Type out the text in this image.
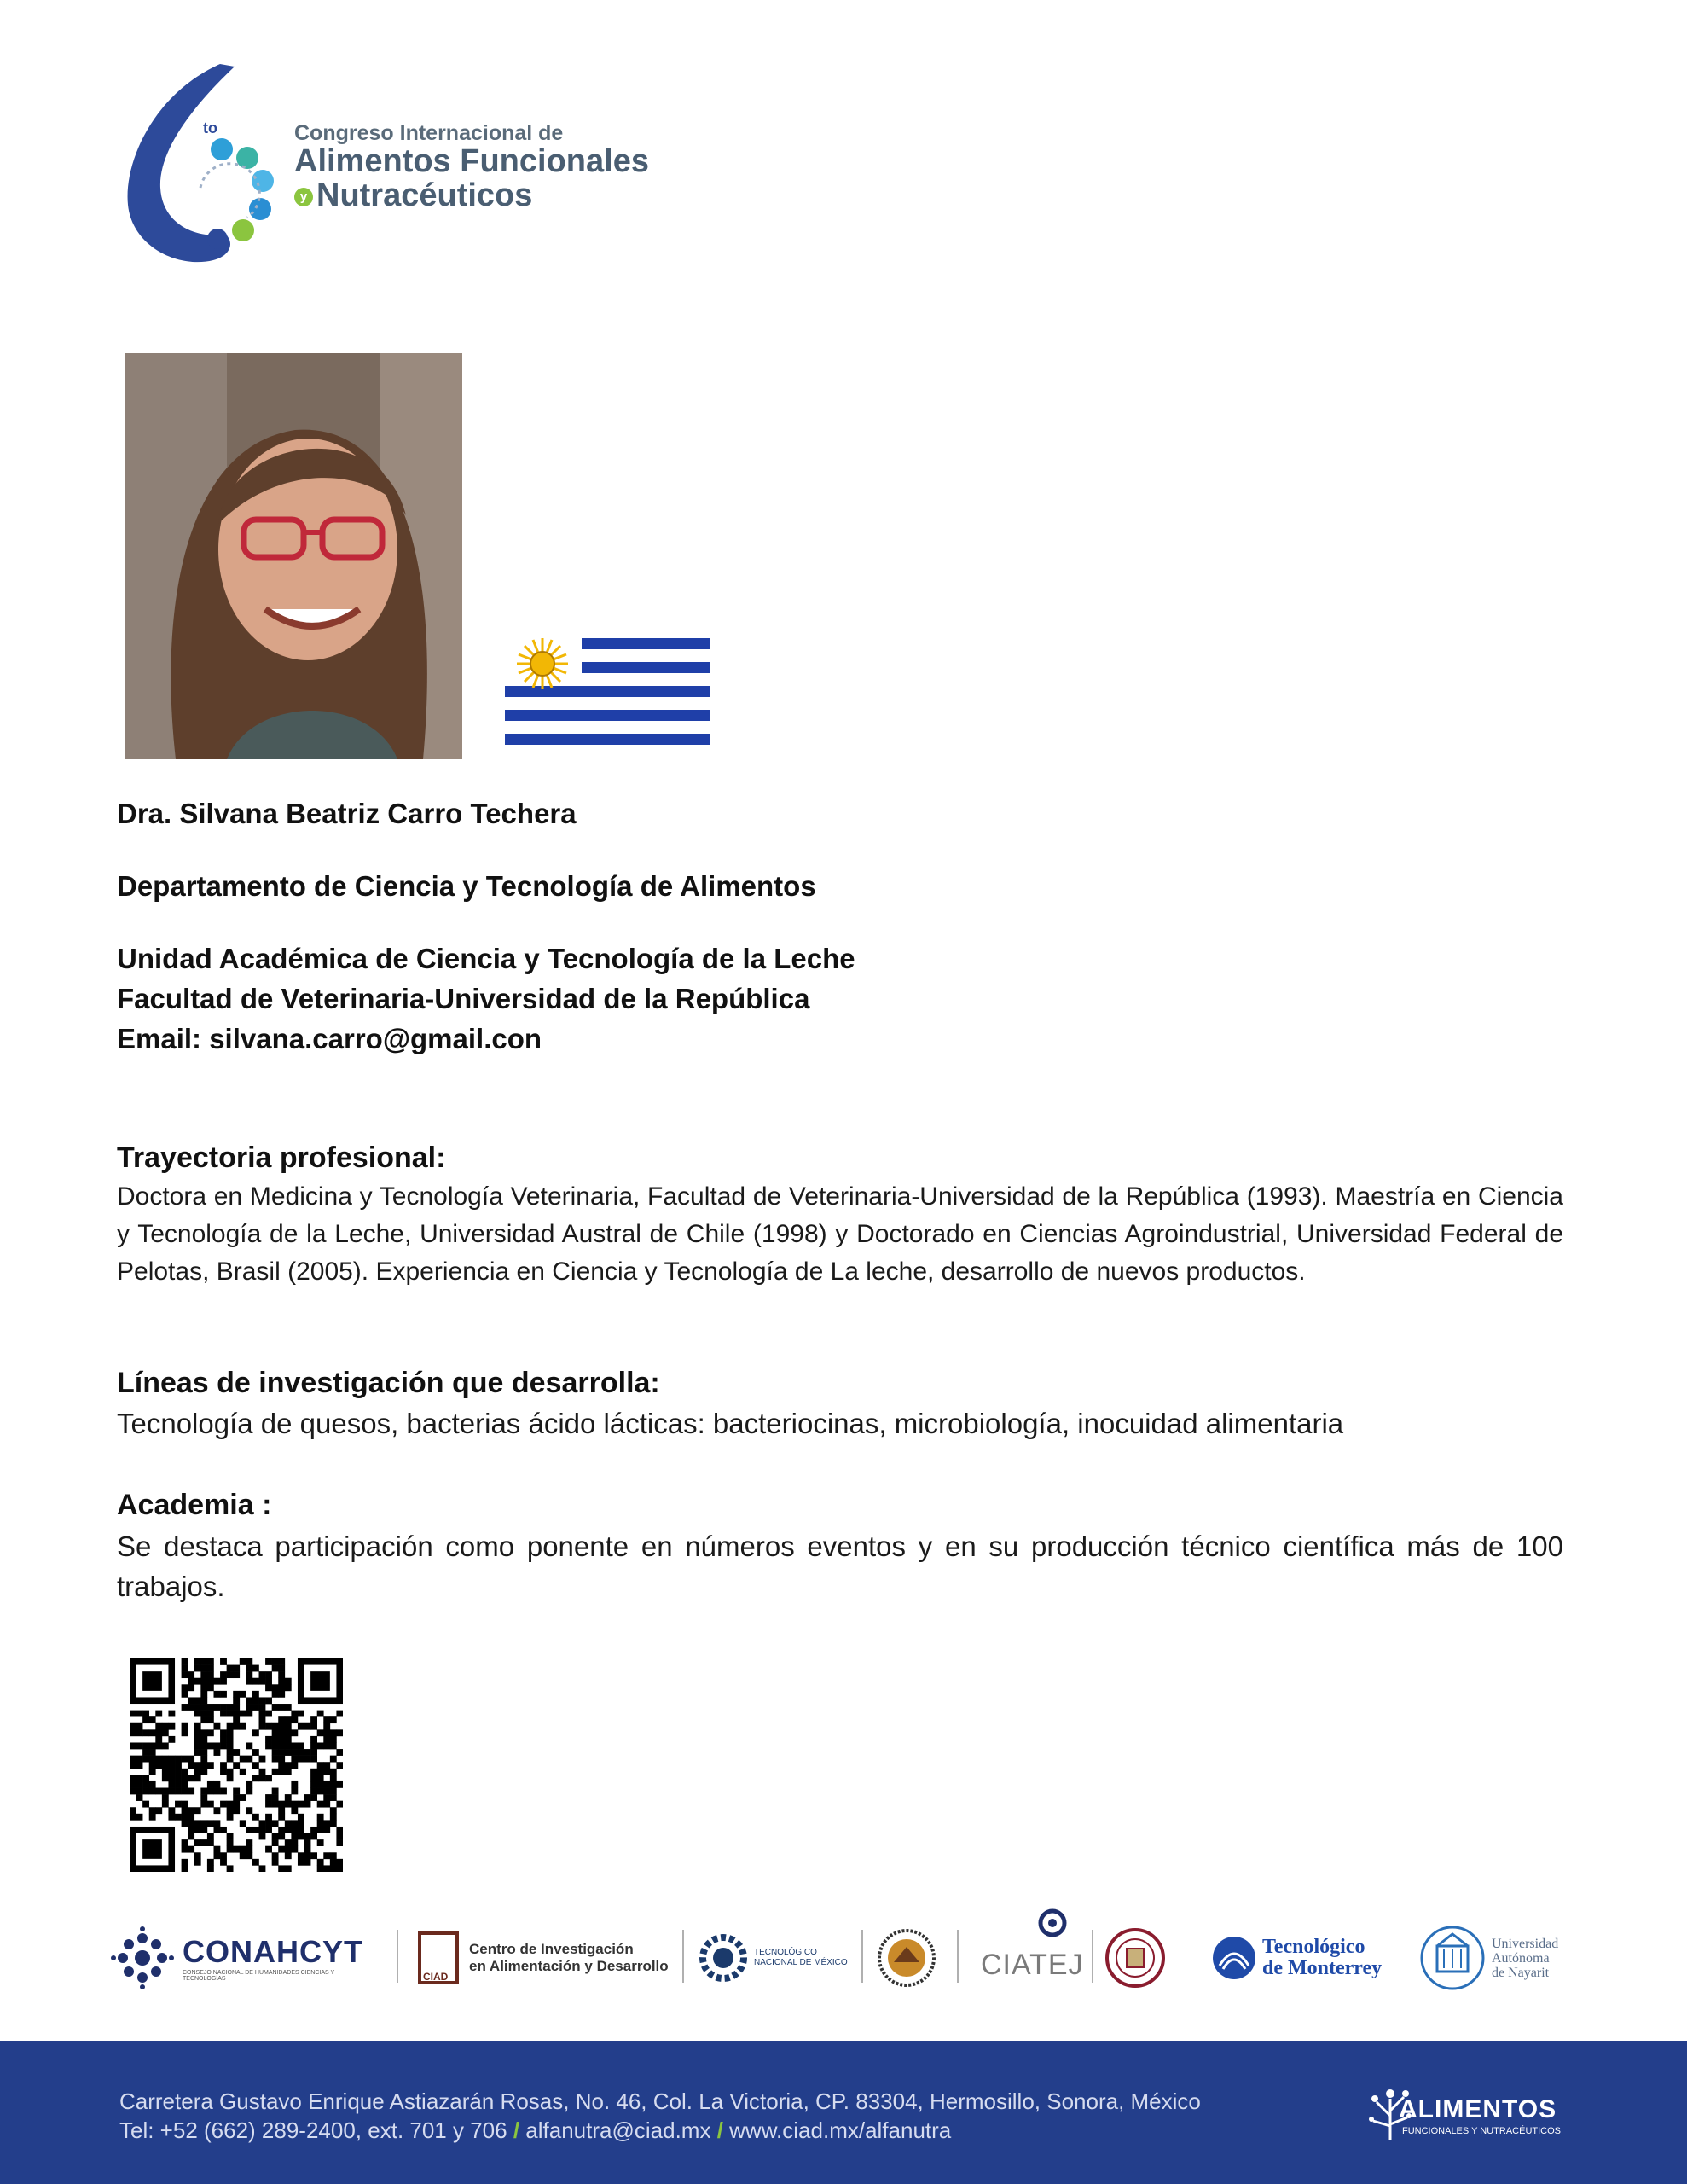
to	Congreso Internacional de
Alimentos Funcionales
y Nutracéuticos
Dra. Silvana Beatriz Carro Techera
Departamento de Ciencia y Tecnología de Alimentos
Unidad Académica de Ciencia y Tecnología de la Leche
Facultad de Veterinaria-Universidad de la República
Email: silvana.carro@gmail.con
Trayectoria profesional:
Doctora en Medicina y Tecnología Veterinaria, Facultad de Veterinaria-Universidad de la República (1993). Maestría en Ciencia y Tecnología de la Leche, Universidad Austral de Chile (1998) y Doctorado en Ciencias Agroindustrial, Universidad Federal de Pelotas, Brasil (2005). Experiencia en Ciencia y Tecnología de La leche, desarrollo de nuevos productos.
Líneas de investigación que desarrolla:
Tecnología de quesos, bacterias ácido lácticas: bacteriocinas, microbiología, inocuidad alimentaria
Academia :
Se destaca participación como ponente en números eventos y en su producción técnico científica más de 100 trabajos.
CONAHCYT
CONSEJO NACIONAL DE HUMANIDADES CIENCIAS Y TECNOLOGÍAS	CIAD
Centro de Investigación
en Alimentación y Desarrollo
TECNOLÓGICO
NACIONAL DE MÉXICO	CIATEJ
Tecnológico
de Monterrey
Universidad
Autónoma
de Nayarit
Carretera Gustavo Enrique Astiazarán Rosas, No. 46, Col. La Victoria, CP. 83304, Hermosillo, Sonora, México
Tel: +52 (662) 289-2400, ext. 701 y 706 / alfanutra@ciad.mx / www.ciad.mx/alfanutra
ALIMENTOS
FUNCIONALES Y NUTRACÉUTICOS
